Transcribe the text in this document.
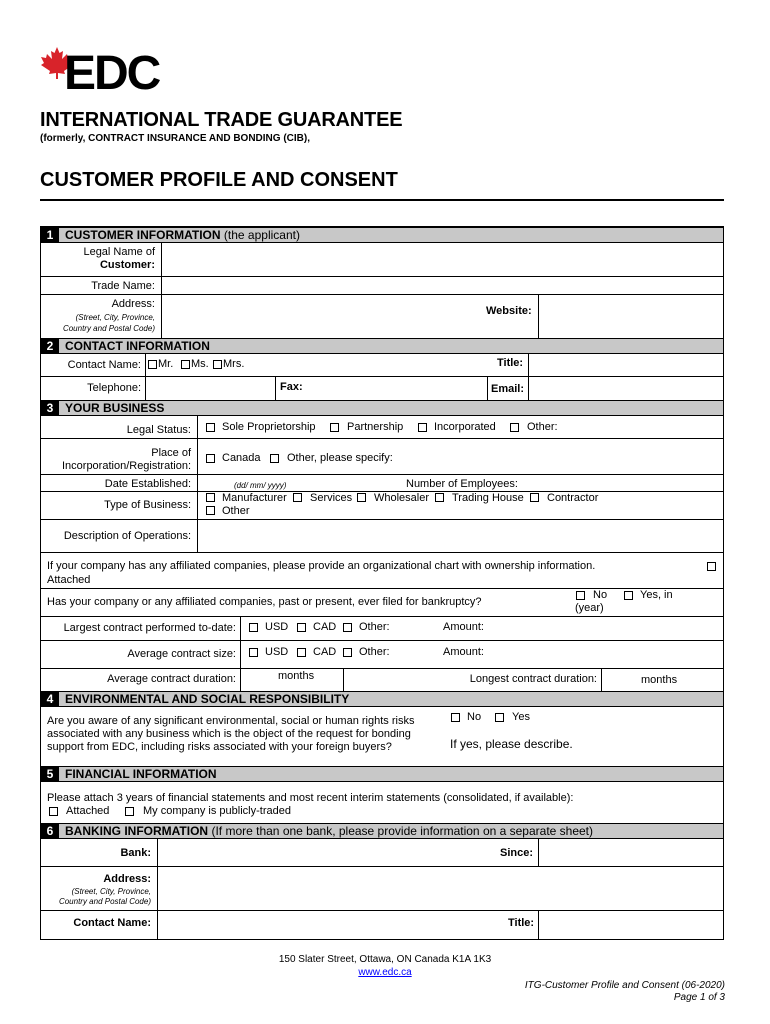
EDC
INTERNATIONAL TRADE GUARANTEE
(formerly, CONTRACT INSURANCE AND BONDING (CIB),
CUSTOMER PROFILE AND CONSENT
1 CUSTOMER INFORMATION (the applicant)
Legal Name of
Customer:
Trade Name:
Address:
(Street, City, Province,
Country and Postal Code)
Website:
2 CONTACT INFORMATION
Contact Name: Mr. Ms. Mrs.	Title:
Telephone:	Fax:	Email:
3 YOUR BUSINESS
Legal Status:	Sole Proprietorship	Partnership	Incorporated	Other:
Place of
Incorporation/Registration:
Canada Other, please specify:
Date Established:	(dd/ mm/ yyyy)	Number of Employees:
Type of Business:
Manufacturer Services Wholesaler Trading House Contractor
Other
Description of Operations:
If your company has any affiliated companies, please provide an organizational chart with ownership information.
Attached
Has your company or any affiliated companies, past or present, ever filed for bankruptcy?
No	Yes, in
(year)
Largest contract performed to-date:	USD CAD Other:	Amount:
Average contract size:	USD CAD Other:	Amount:
Average contract duration:	months	Longest contract duration:	months
4 ENVIRONMENTAL AND SOCIAL RESPONSIBILITY
Are you aware of any significant environmental, social or human rights risks
associated with any business which is the object of the request for bonding
support from EDC, including risks associated with your foreign buyers?
No	Yes
If yes, please describe.
5 FINANCIAL INFORMATION
Please attach 3 years of financial statements and most recent interim statements (consolidated, if available):
Attached	My company is publicly-traded
6 BANKING INFORMATION (If more than one bank, please provide information on a separate sheet)
Bank:	Since:
Address:
(Street, City, Province,
Country and Postal Code)
Contact Name:	Title:
150 Slater Street, Ottawa, ON Canada K1A 1K3
www.edc.ca
ITG-Customer Profile and Consent (06-2020)
Page 1 of 3
